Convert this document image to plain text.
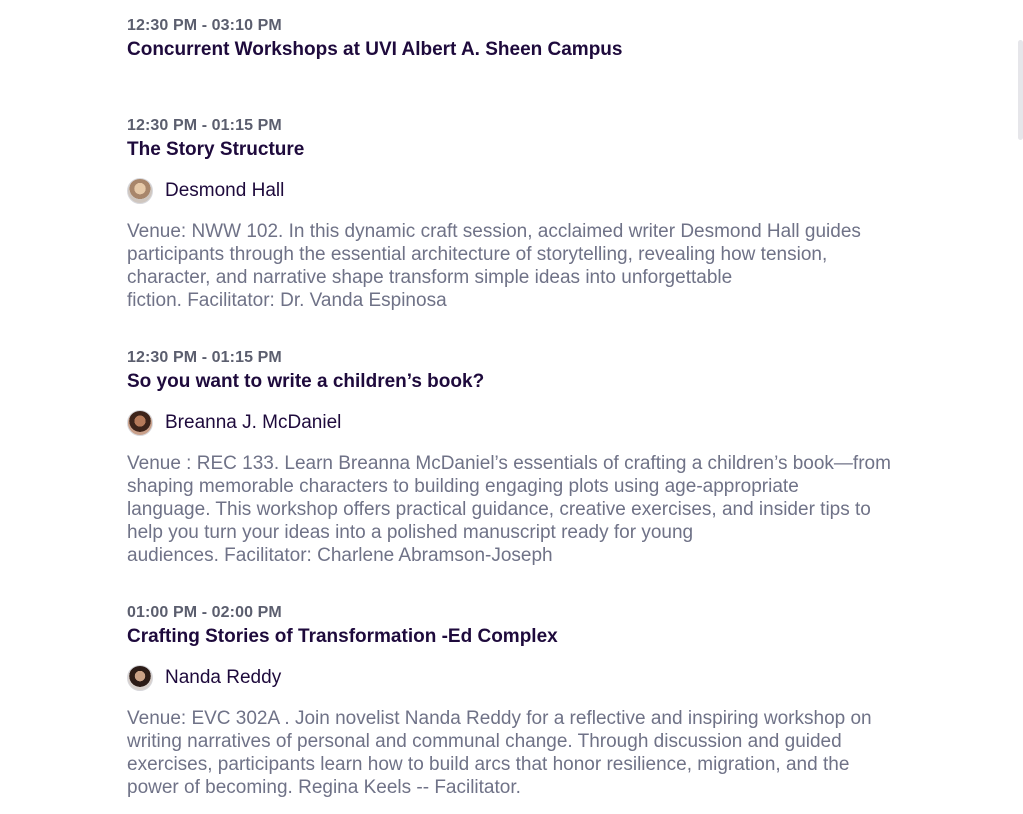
12:30 PM - 03:10 PM
Concurrent Workshops at UVI Albert A. Sheen Campus
12:30 PM - 01:15 PM
The Story Structure
Desmond Hall
Venue: NWW 102. In this dynamic craft session, acclaimed writer Desmond Hall guides
participants through the essential architecture of storytelling, revealing how tension,
character, and narrative shape transform simple ideas into unforgettable
fiction. Facilitator: Dr. Vanda Espinosa
12:30 PM - 01:15 PM
So you want to write a children’s book?
Breanna J. McDaniel
Venue : REC 133. Learn Breanna McDaniel’s essentials of crafting a children’s book—from
shaping memorable characters to building engaging plots using age-appropriate
language. This workshop offers practical guidance, creative exercises, and insider tips to
help you turn your ideas into a polished manuscript ready for young
audiences. Facilitator: Charlene Abramson-Joseph
01:00 PM - 02:00 PM
Crafting Stories of Transformation -Ed Complex
Nanda Reddy
Venue: EVC 302A . Join novelist Nanda Reddy for a reflective and inspiring workshop on
writing narratives of personal and communal change. Through discussion and guided
exercises, participants learn how to build arcs that honor resilience, migration, and the
power of becoming. Regina Keels -- Facilitator.
